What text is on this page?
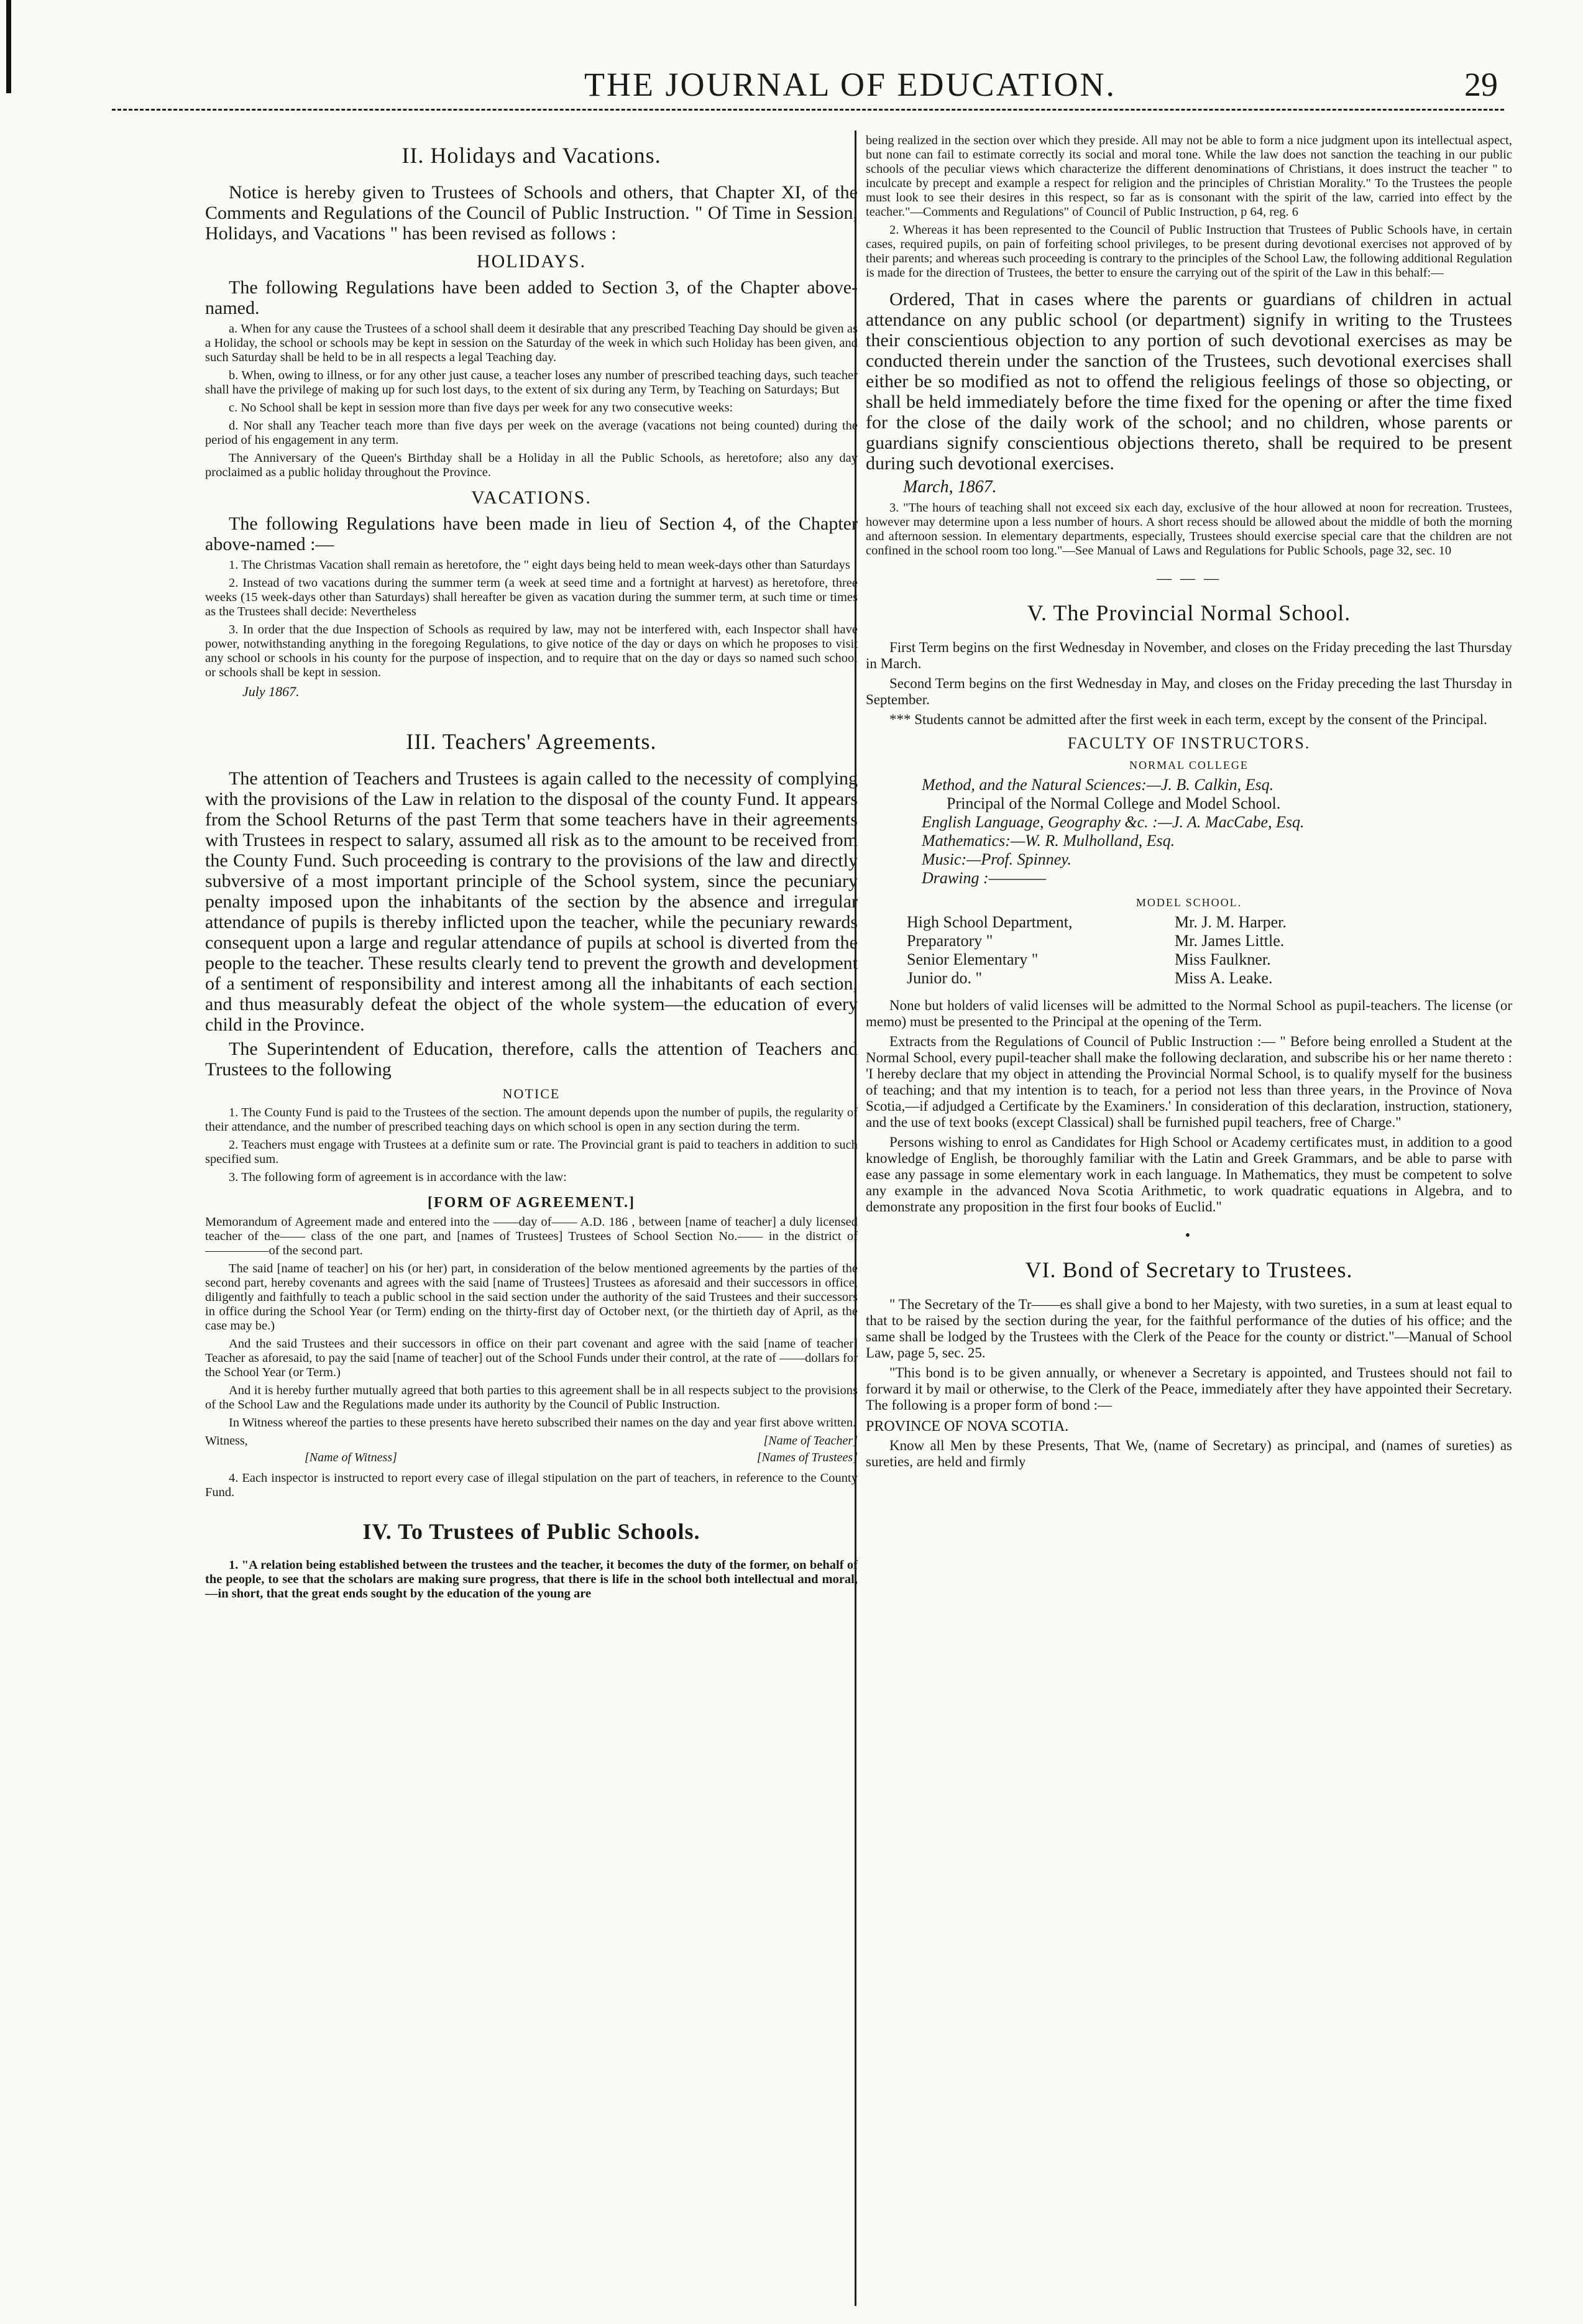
THE JOURNAL OF EDUCATION.	29
II. Holidays and Vacations.

Notice is hereby given to Trustees of Schools and others, that Chapter XI, of the Comments and Regulations of the Council of Public Instruction. " Of Time in Session, Holidays, and Vacations " has been revised as follows :

HOLIDAYS.

The following Regulations have been added to Section 3, of the Chapter above-named.

a. When for any cause the Trustees of a school shall deem it desirable that any prescribed Teaching Day should be given as a Holiday, the school or schools may be kept in session on the Saturday of the week in which such Holiday has been given, and such Saturday shall be held to be in all respects a legal Teaching day.

b. When, owing to illness, or for any other just cause, a teacher loses any number of prescribed teaching days, such teacher shall have the privilege of making up for such lost days, to the extent of six during any Term, by Teaching on Saturdays; But

c. No School shall be kept in session more than five days per week for any two consecutive weeks:

d. Nor shall any Teacher teach more than five days per week on the average (vacations not being counted) during the period of his engagement in any term.

The Anniversary of the Queen's Birthday shall be a Holiday in all the Public Schools, as heretofore; also any day proclaimed as a public holiday throughout the Province.

VACATIONS.

The following Regulations have been made in lieu of Section 4, of the Chapter above-named :—

1. The Christmas Vacation shall remain as heretofore, the " eight days being held to mean week-days other than Saturdays

2. Instead of two vacations during the summer term (a week at seed time and a fortnight at harvest) as heretofore, three weeks (15 week-days other than Saturdays) shall hereafter be given as vacation during the summer term, at such time or times as the Trustees shall decide: Nevertheless

3. In order that the due Inspection of Schools as required by law, may not be interfered with, each Inspector shall have power, notwithstanding anything in the foregoing Regulations, to give notice of the day or days on which he proposes to visit any school or schools in his county for the purpose of inspection, and to require that on the day or days so named such school or schools shall be kept in session.

July 1867.

III. Teachers' Agreements.

The attention of Teachers and Trustees is again called to the necessity of complying with the provisions of the Law in relation to the disposal of the county Fund. It appears from the School Returns of the past Term that some teachers have in their agreements with Trustees in respect to salary, assumed all risk as to the amount to be received from the County Fund. Such proceeding is contrary to the provisions of the law and directly subversive of a most important principle of the School system, since the pecuniary penalty imposed upon the inhabitants of the section by the absence and irregular attendance of pupils is thereby inflicted upon the teacher, while the pecuniary rewards consequent upon a large and regular attendance of pupils at school is diverted from the people to the teacher. These results clearly tend to prevent the growth and development of a sentiment of responsibility and interest among all the inhabitants of each section, and thus measurably defeat the object of the whole system—the education of every child in the Province.

The Superintendent of Education, therefore, calls the attention of Teachers and Trustees to the following

NOTICE

1. The County Fund is paid to the Trustees of the section. The amount depends upon the number of pupils, the regularity of their attendance, and the number of prescribed teaching days on which school is open in any section during the term.

2. Teachers must engage with Trustees at a definite sum or rate. The Provincial grant is paid to teachers in addition to such specified sum.

3. The following form of agreement is in accordance with the law:

[FORM OF AGREEMENT.]

Memorandum of Agreement made and entered into the ——day of—— A.D. 186 , between [name of teacher] a duly licensed teacher of the—— class of the one part, and [names of Trustees] Trustees of School Section No.—— in the district of—————of the second part.

The said [name of teacher] on his (or her) part, in consideration of the below mentioned agreements by the parties of the second part, hereby covenants and agrees with the said [name of Trustees] Trustees as aforesaid and their successors in office, diligently and faithfully to teach a public school in the said section under the authority of the said Trustees and their successors in office during the School Year (or Term) ending on the thirty-first day of October next, (or the thirtieth day of April, as the case may be.)

And the said Trustees and their successors in office on their part covenant and agree with the said [name of teacher] Teacher as aforesaid, to pay the said [name of teacher] out of the School Funds under their control, at the rate of ——dollars for the School Year (or Term.)

And it is hereby further mutually agreed that both parties to this agreement shall be in all respects subject to the provisions of the School Law and the Regulations made under its authority by the Council of Public Instruction.

In Witness whereof the parties to these presents have hereto subscribed their names on the day and year first above written.

Witness,	[Name of Teacher]
[Name of Witness]	[Names of Trustees]

4. Each inspector is instructed to report every case of illegal stipulation on the part of teachers, in reference to the County Fund.

IV. To Trustees of Public Schools.

1. "A relation being established between the trustees and the teacher, it becomes the duty of the former, on behalf of the people, to see that the scholars are making sure progress, that there is life in the school both intellectual and moral,—in short, that the great ends sought by the education of the young are

being realized in the section over which they preside. All may not be able to form a nice judgment upon its intellectual aspect, but none can fail to estimate correctly its social and moral tone. While the law does not sanction the teaching in our public schools of the peculiar views which characterize the different denominations of Christians, it does instruct the teacher " to inculcate by precept and example a respect for religion and the principles of Christian Morality." To the Trustees the people must look to see their desires in this respect, so far as is consonant with the spirit of the law, carried into effect by the teacher."—Comments and Regulations" of Council of Public Instruction, p 64, reg. 6

2. Whereas it has been represented to the Council of Public Instruction that Trustees of Public Schools have, in certain cases, required pupils, on pain of forfeiting school privileges, to be present during devotional exercises not approved of by their parents; and whereas such proceeding is contrary to the principles of the School Law, the following additional Regulation is made for the direction of Trustees, the better to ensure the carrying out of the spirit of the Law in this behalf:—

Ordered, That in cases where the parents or guardians of children in actual attendance on any public school (or department) signify in writing to the Trustees their conscientious objection to any portion of such devotional exercises as may be conducted therein under the sanction of the Trustees, such devotional exercises shall either be so modified as not to offend the religious feelings of those so objecting, or shall be held immediately before the time fixed for the opening or after the time fixed for the close of the daily work of the school; and no children, whose parents or guardians signify conscientious objections thereto, shall be required to be present during such devotional exercises.

March, 1867.

3. "The hours of teaching shall not exceed six each day, exclusive of the hour allowed at noon for recreation. Trustees, however may determine upon a less number of hours. A short recess should be allowed about the middle of both the morning and afternoon session. In elementary departments, especially, Trustees should exercise special care that the children are not confined in the school room too long."—See Manual of Laws and Regulations for Public Schools, page 32, sec. 10

— — —
V. The Provincial Normal School.

First Term begins on the first Wednesday in November, and closes on the Friday preceding the last Thursday in March.

Second Term begins on the first Wednesday in May, and closes on the Friday preceding the last Thursday in September.

*** Students cannot be admitted after the first week in each term, except by the consent of the Principal.

FACULTY OF INSTRUCTORS.
NORMAL COLLEGE
Method, and the Natural Sciences:—J. B. Calkin, Esq.
Principal of the Normal College and Model School.
English Language, Geography &c. :—J. A. MacCabe, Esq.
Mathematics:—W. R. Mulholland, Esq.
Music:—Prof. Spinney.
Drawing :————
MODEL SCHOOL.
High School Department,	Mr. J. M. Harper.
Preparatory "	Mr. James Little.
Senior Elementary "	Miss Faulkner.
Junior do. "	Miss A. Leake.

None but holders of valid licenses will be admitted to the Normal School as pupil-teachers. The license (or memo) must be presented to the Principal at the opening of the Term.

Extracts from the Regulations of Council of Public Instruction :— " Before being enrolled a Student at the Normal School, every pupil-teacher shall make the following declaration, and subscribe his or her name thereto : 'I hereby declare that my object in attending the Provincial Normal School, is to qualify myself for the business of teaching; and that my intention is to teach, for a period not less than three years, in the Province of Nova Scotia,—if adjudged a Certificate by the Examiners.' In consideration of this declaration, instruction, stationery, and the use of text books (except Classical) shall be furnished pupil teachers, free of Charge."

Persons wishing to enrol as Candidates for High School or Academy certificates must, in addition to a good knowledge of English, be thoroughly familiar with the Latin and Greek Grammars, and be able to parse with ease any passage in some elementary work in each language. In Mathematics, they must be competent to solve any example in the advanced Nova Scotia Arithmetic, to work quadratic equations in Algebra, and to demonstrate any proposition in the first four books of Euclid."

•
VI. Bond of Secretary to Trustees.

" The Secretary of the Tr——es shall give a bond to her Majesty, with two sureties, in a sum at least equal to that to be raised by the section during the year, for the faithful performance of the duties of his office; and the same shall be lodged by the Trustees with the Clerk of the Peace for the county or district."—Manual of School Law, page 5, sec. 25.

"This bond is to be given annually, or whenever a Secretary is appointed, and Trustees should not fail to forward it by mail or otherwise, to the Clerk of the Peace, immediately after they have appointed their Secretary. The following is a proper form of bond :—

PROVINCE OF NOVA SCOTIA.

Know all Men by these Presents, That We, (name of Secretary) as principal, and (names of sureties) as sureties, are held and firmly
